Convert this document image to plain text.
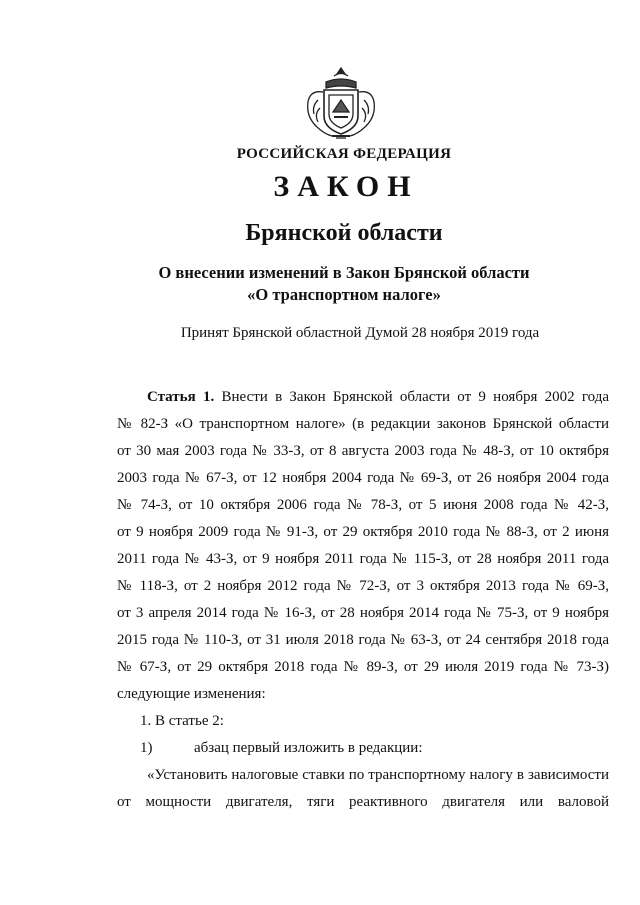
РОССИЙСКАЯ ФЕДЕРАЦИЯ
ЗАКОН
Брянской области
О внесении изменений в Закон Брянской области
«О транспортном налоге»
Принят Брянской областной Думой 28 ноября 2019 года
Статья 1. Внести в Закон Брянской области от 9 ноября 2002 года
№ 82-З «О транспортном налоге» (в редакции законов Брянской области
от 30 мая 2003 года № 33-З, от 8 августа 2003 года № 48-З, от 10 октября
2003 года № 67-З, от 12 ноября 2004 года № 69-З, от 26 ноября 2004 года
№ 74-З, от 10 октября 2006 года № 78-З, от 5 июня 2008 года № 42-З,
от 9 ноября 2009 года № 91-З, от 29 октября 2010 года № 88-З, от 2 июня
2011 года № 43-З, от 9 ноября 2011 года № 115-З, от 28 ноября 2011 года
№ 118-З, от 2 ноября 2012 года № 72-З, от 3 октября 2013 года № 69-З,
от 3 апреля 2014 года № 16-З, от 28 ноября 2014 года № 75-З, от 9 ноября
2015 года № 110-З, от 31 июля 2018 года № 63-З, от 24 сентября 2018 года
№ 67-З, от 29 октября 2018 года № 89-З, от 29 июля 2019 года № 73-З)
следующие изменения:
1. В статье 2:
1)	абзац первый изложить в редакции:
«Установить налоговые ставки по транспортному налогу в зависимости
от мощности двигателя, тяги реактивного двигателя или валовой
